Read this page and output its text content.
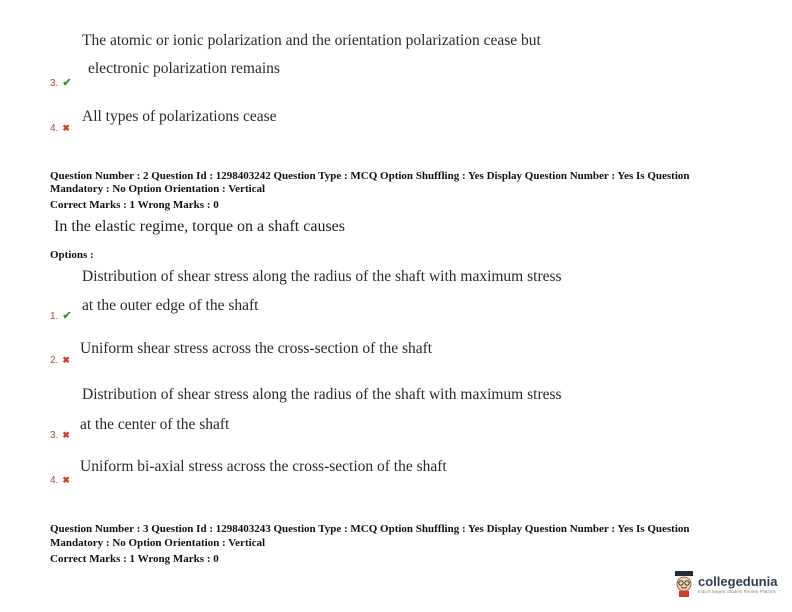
The atomic or ionic polarization and the orientation polarization cease but
electronic polarization remains
3. ✔
4. ✖
All types of polarizations cease
Question Number : 2 Question Id : 1298403242 Question Type : MCQ Option Shuffling : Yes Display Question Number : Yes Is Question
Mandatory : No Option Orientation : Vertical
Correct Marks : 1 Wrong Marks : 0
In the elastic regime, torque on a shaft causes
Options :
Distribution of shear stress along the radius of the shaft with maximum stress
1. ✔
at the outer edge of the shaft
2. ✖
Uniform shear stress across the cross-section of the shaft
Distribution of shear stress along the radius of the shaft with maximum stress
3. ✖
at the center of the shaft
4. ✖
Uniform bi-axial stress across the cross-section of the shaft
Question Number : 3 Question Id : 1298403243 Question Type : MCQ Option Shuffling : Yes Display Question Number : Yes Is Question
Mandatory : No Option Orientation : Vertical
Correct Marks : 1 Wrong Marks : 0
collegedunia
India's largest Student Review Platform
